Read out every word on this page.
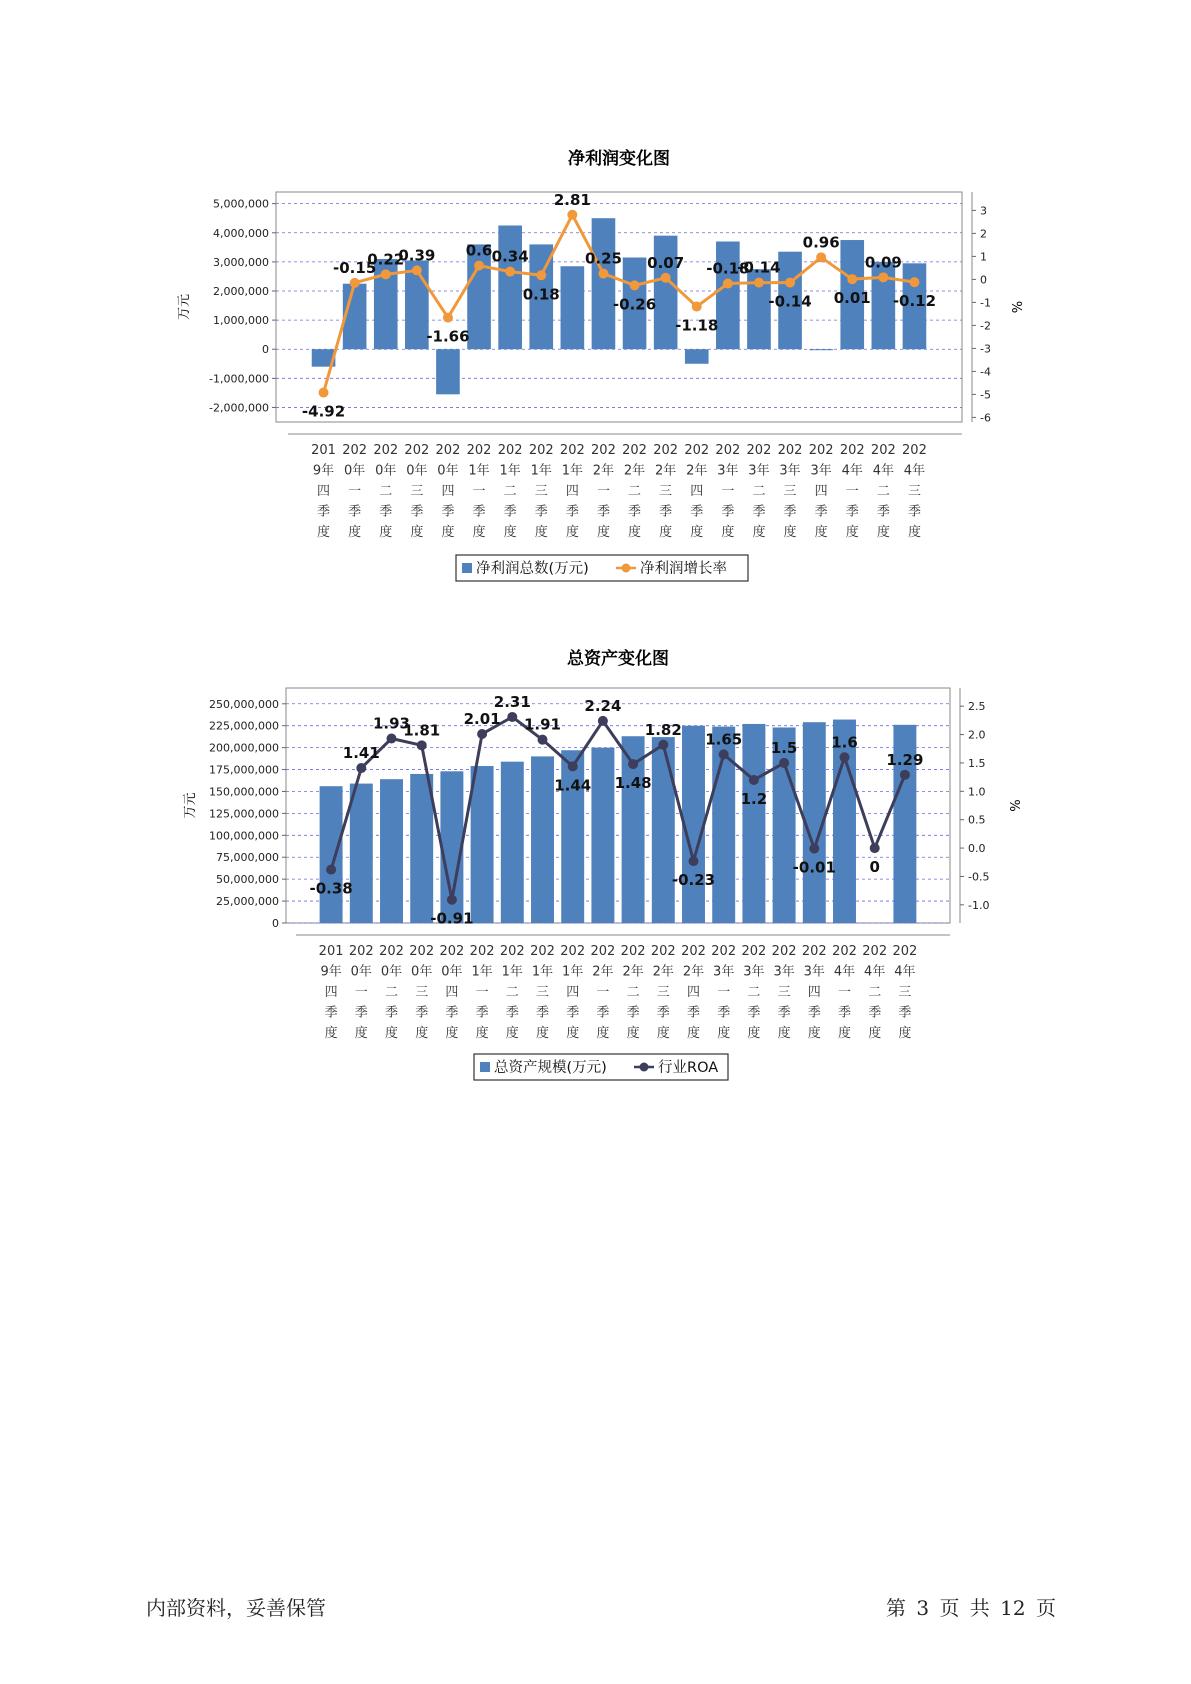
净利润变化图
-2,000,000
-1,000,000
0
1,000,000
2,000,000
3,000,000
4,000,000
5,000,000
-6
-5
-4
-3
-2
-1
0
1
2
3
万元	%
-4.92
-0.15
0.22
0.39
-1.66
0.6 0.34
0.18
2.81
0.25
-0.26
0.07
-1.18
-0.18
-0.14
-0.14
0.96
0.01
0.09
-0.12
201 9年四季度
202 0年一季度
202 0年二季度
202 0年三季度
202 0年四季度
202 1年一季度
202 1年二季度
202 1年三季度
202 1年四季度
202 2年一季度
202 2年二季度
202 2年三季度
202 2年四季度
202 3年一季度
202 3年二季度
202 3年三季度
202 3年四季度
202 4年一季度
202 4年二季度
202 4年三季度
净利润总数(万元)	净利润增长率
总资产变化图
0
25,000,000
50,000,000
75,000,000
100,000,000
125,000,000
150,000,000
175,000,000
200,000,000
225,000,000
250,000,000
-1.0
-0.5
0.0
0.5
1.0
1.5
2.0
2.5
万元	%
-0.38
1.41
1.93
1.81
-0.91
2.01
2.31
1.91
1.44
2.24
1.48
1.82
-0.23
1.65
1.2
1.5
-0.01
1.6
0
1.29
201 9年四季度
202 0年一季度
202 0年二季度
202 0年三季度
202 0年四季度
202 1年一季度
202 1年二季度
202 1年三季度
202 1年四季度
202 2年一季度
202 2年二季度
202 2年三季度
202 2年四季度
202 3年一季度
202 3年二季度
202 3年三季度
202 3年四季度
202 4年一季度
202 4年二季度
202 4年三季度
总资产规模(万元)	行业ROA
内部资料，妥善保管	第 3 页 共 12 页
